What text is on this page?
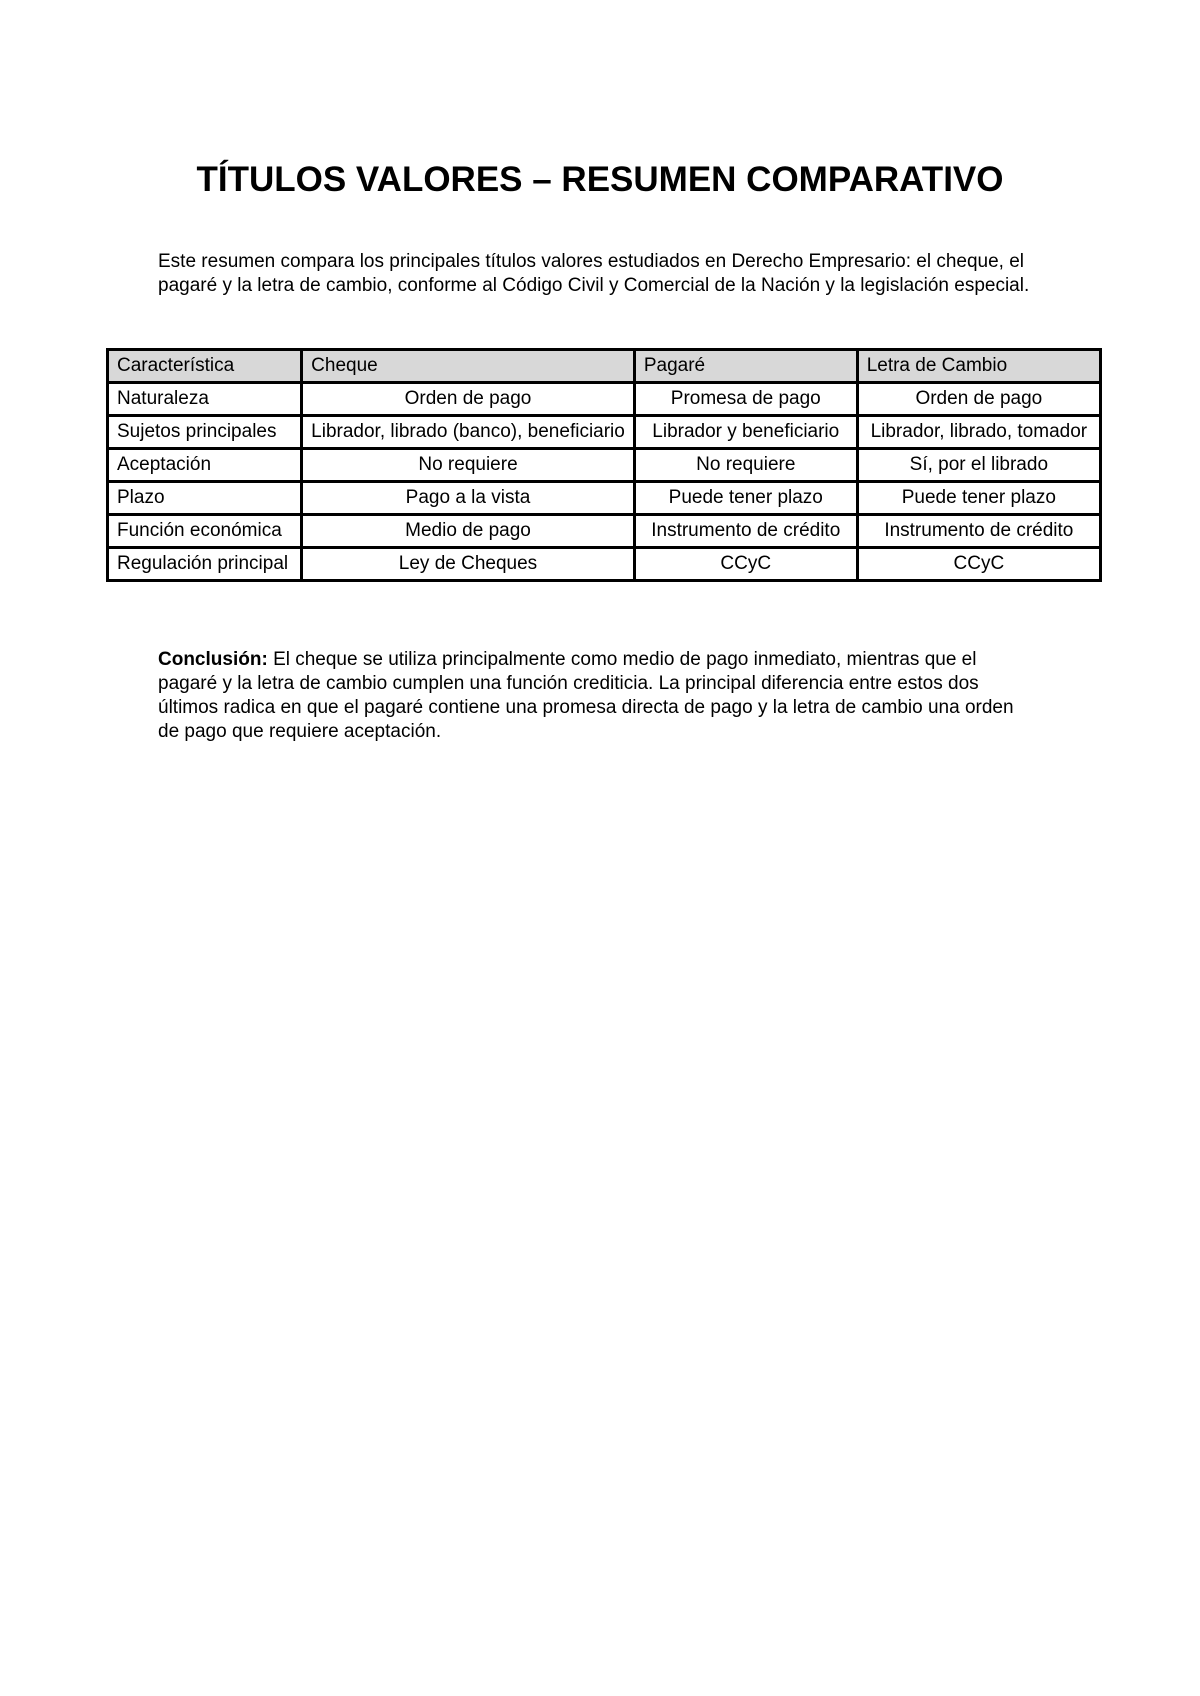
TÍTULOS VALORES – RESUMEN COMPARATIVO

Este resumen compara los principales títulos valores estudiados en Derecho Empresario: el cheque, el pagaré y la letra de cambio, conforme al Código Civil y Comercial de la Nación y la legislación especial.

Característica	Cheque	Pagaré	Letra de Cambio
Naturaleza	Orden de pago	Promesa de pago	Orden de pago
Sujetos principales	Librador, librado (banco), beneficiario	Librador y beneficiario	Librador, librado, tomador
Aceptación	No requiere	No requiere	Sí, por el librado
Plazo	Pago a la vista	Puede tener plazo	Puede tener plazo
Función económica	Medio de pago	Instrumento de crédito	Instrumento de crédito
Regulación principal	Ley de Cheques	CCyC	CCyC

Conclusión: El cheque se utiliza principalmente como medio de pago inmediato, mientras que el pagaré y la letra de cambio cumplen una función crediticia. La principal diferencia entre estos dos últimos radica en que el pagaré contiene una promesa directa de pago y la letra de cambio una orden de pago que requiere aceptación.
